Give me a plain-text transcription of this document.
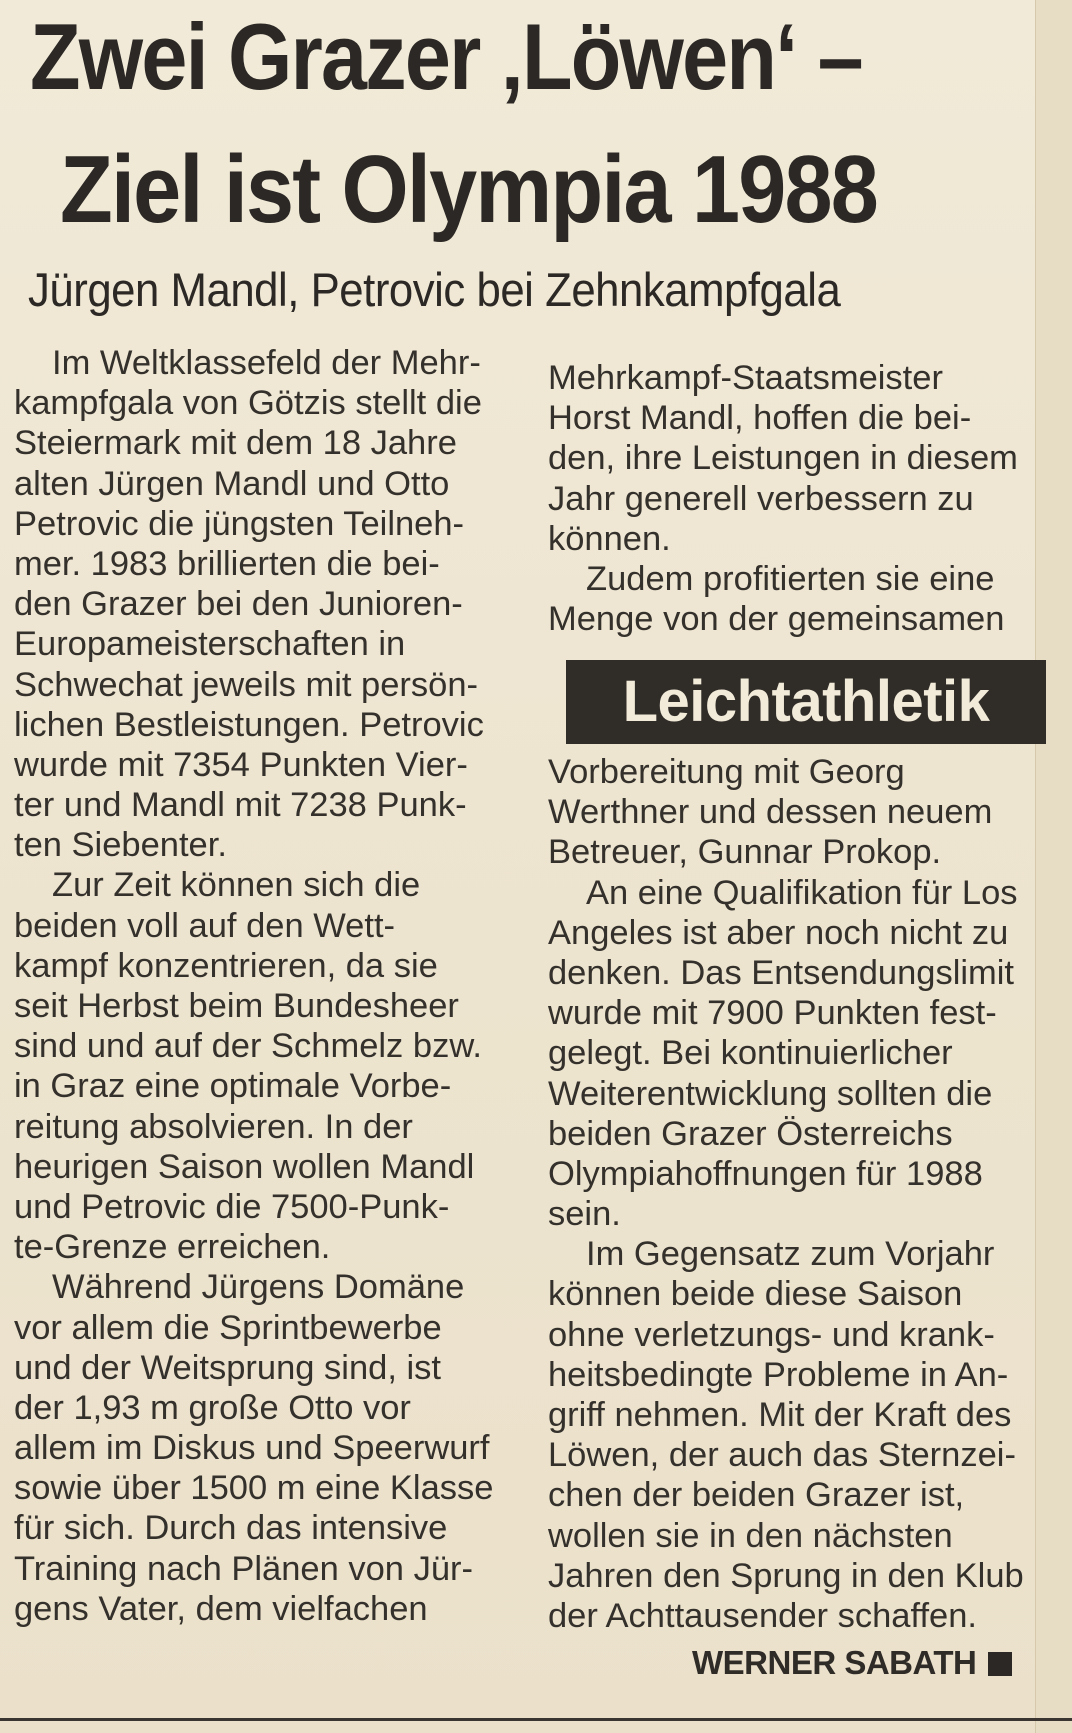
Zwei Grazer ‚Löwen‘ –
Ziel ist Olympia 1988
Jürgen Mandl, Petrovic bei Zehnkampfgala
Im Weltklassefeld der Mehr-
kampfgala von Götzis stellt die
Steiermark mit dem 18 Jahre
alten Jürgen Mandl und Otto
Petrovic die jüngsten Teilneh-
mer. 1983 brillierten die bei-
den Grazer bei den Junioren-
Europameisterschaften in
Schwechat jeweils mit persön-
lichen Bestleistungen. Petrovic
wurde mit 7354 Punkten Vier-
ter und Mandl mit 7238 Punk-
ten Siebenter.
Zur Zeit können sich die
beiden voll auf den Wett-
kampf konzentrieren, da sie
seit Herbst beim Bundesheer
sind und auf der Schmelz bzw.
in Graz eine optimale Vorbe-
reitung absolvieren. In der
heurigen Saison wollen Mandl
und Petrovic die 7500-Punk-
te-Grenze erreichen.
Während Jürgens Domäne
vor allem die Sprintbewerbe
und der Weitsprung sind, ist
der 1,93 m große Otto vor
allem im Diskus und Speerwurf
sowie über 1500 m eine Klasse
für sich. Durch das intensive
Training nach Plänen von Jür-
gens Vater, dem vielfachen
Mehrkampf-Staatsmeister
Horst Mandl, hoffen die bei-
den, ihre Leistungen in diesem
Jahr generell verbessern zu
können.
Zudem profitierten sie eine
Menge von der gemeinsamen
Leichtathletik
Vorbereitung mit Georg
Werthner und dessen neuem
Betreuer, Gunnar Prokop.
An eine Qualifikation für Los
Angeles ist aber noch nicht zu
denken. Das Entsendungslimit
wurde mit 7900 Punkten fest-
gelegt. Bei kontinuierlicher
Weiterentwicklung sollten die
beiden Grazer Österreichs
Olympiahoffnungen für 1988
sein.
Im Gegensatz zum Vorjahr
können beide diese Saison
ohne verletzungs- und krank-
heitsbedingte Probleme in An-
griff nehmen. Mit der Kraft des
Löwen, der auch das Sternzei-
chen der beiden Grazer ist,
wollen sie in den nächsten
Jahren den Sprung in den Klub
der Achttausender schaffen.
WERNER SABATH
